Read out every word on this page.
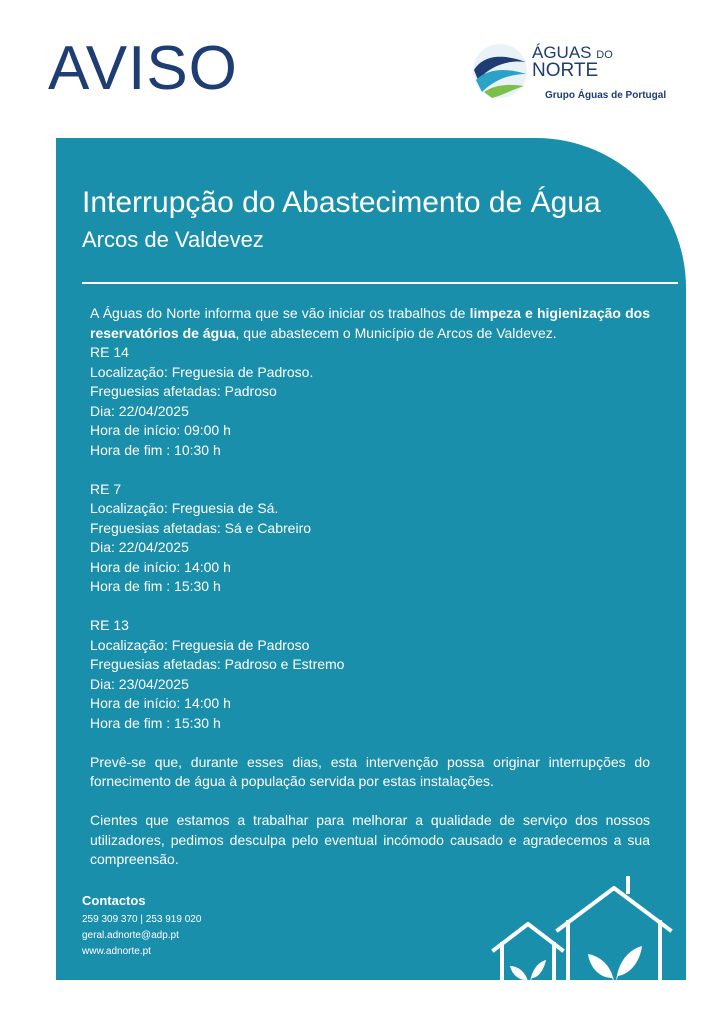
AVISO	ÁGUAS DO
NORTE
Grupo Águas de Portugal
Interrupção do Abastecimento de Água
Arcos de Valdevez

A Águas do Norte informa que se vão iniciar os trabalhos de limpeza e higienização dos reservatórios de água, que abastecem o Município de Arcos de Valdevez.

RE 14
Localização: Freguesia de Padroso.
Freguesias afetadas: Padroso
Dia: 22/04/2025
Hora de início: 09:00 h
Hora de fim : 10:30 h
RE 7
Localização: Freguesia de Sá.
Freguesias afetadas: Sá e Cabreiro
Dia: 22/04/2025
Hora de início: 14:00 h
Hora de fim : 15:30 h
RE 13
Localização: Freguesia de Padroso
Freguesias afetadas: Padroso e Estremo
Dia: 23/04/2025
Hora de início: 14:00 h
Hora de fim : 15:30 h

Prevê-se que, durante esses dias, esta intervenção possa originar interrupções do fornecimento de água à população servida por estas instalações.

Cientes que estamos a trabalhar para melhorar a qualidade de serviço dos nossos utilizadores, pedimos desculpa pelo eventual incómodo causado e agradecemos a sua compreensão.

Contactos
259 309 370 | 253 919 020
geral.adnorte@adp.pt
www.adnorte.pt
